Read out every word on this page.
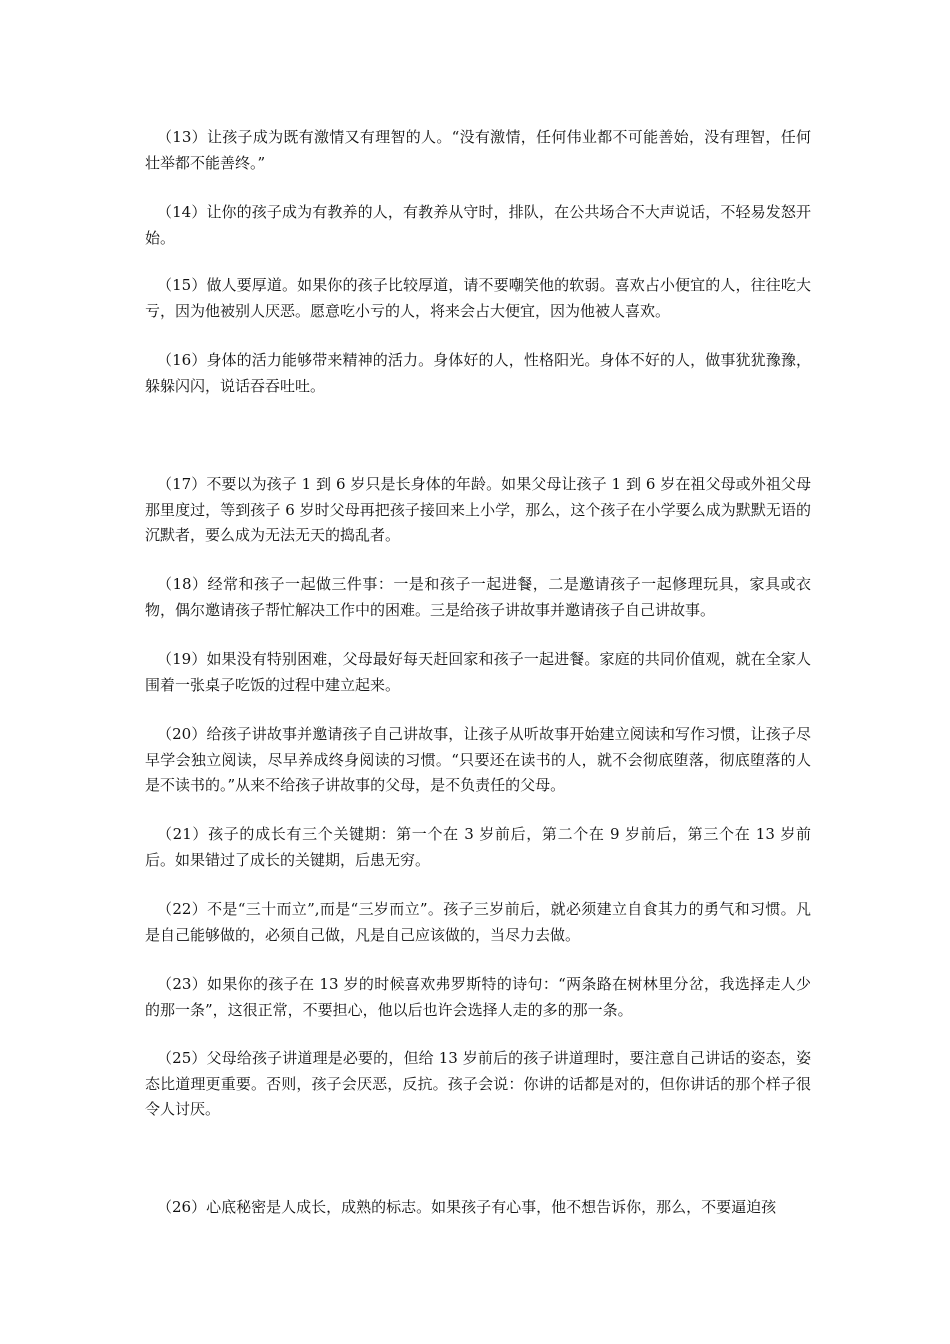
（13）让孩子成为既有激情又有理智的人。“没有激情，任何伟业都不可能善始，没有理智，任何壮举都不能善终。”

（14）让你的孩子成为有教养的人，有教养从守时，排队，在公共场合不大声说话，不轻易发怒开始。

（15）做人要厚道。如果你的孩子比较厚道，请不要嘲笑他的软弱。喜欢占小便宜的人，往往吃大亏，因为他被别人厌恶。愿意吃小亏的人，将来会占大便宜，因为他被人喜欢。

（16）身体的活力能够带来精神的活力。身体好的人，性格阳光。身体不好的人，做事犹犹豫豫，躲躲闪闪，说话吞吞吐吐。

（17）不要以为孩子 1 到 6 岁只是长身体的年龄。如果父母让孩子 1 到 6 岁在祖父母或外祖父母那里度过，等到孩子 6 岁时父母再把孩子接回来上小学，那么，这个孩子在小学要么成为默默无语的沉默者，要么成为无法无天的捣乱者。

（18）经常和孩子一起做三件事：一是和孩子一起进餐，二是邀请孩子一起修理玩具，家具或衣物，偶尔邀请孩子帮忙解决工作中的困难。三是给孩子讲故事并邀请孩子自己讲故事。

（19）如果没有特别困难，父母最好每天赶回家和孩子一起进餐。家庭的共同价值观，就在全家人围着一张桌子吃饭的过程中建立起来。

（20）给孩子讲故事并邀请孩子自己讲故事，让孩子从听故事开始建立阅读和写作习惯，让孩子尽早学会独立阅读，尽早养成终身阅读的习惯。“只要还在读书的人，就不会彻底堕落，彻底堕落的人是不读书的。”从来不给孩子讲故事的父母，是不负责任的父母。

（21）孩子的成长有三个关键期：第一个在 3 岁前后，第二个在 9 岁前后，第三个在 13 岁前后。如果错过了成长的关键期，后患无穷。

（22）不是“三十而立”,而是“三岁而立”。孩子三岁前后，就必须建立自食其力的勇气和习惯。凡是自己能够做的，必须自己做，凡是自己应该做的，当尽力去做。

（23）如果你的孩子在 13 岁的时候喜欢弗罗斯特的诗句：“两条路在树林里分岔，我选择走人少的那一条”，这很正常，不要担心，他以后也许会选择人走的多的那一条。

（25）父母给孩子讲道理是必要的，但给 13 岁前后的孩子讲道理时，要注意自己讲话的姿态，姿态比道理更重要。否则，孩子会厌恶，反抗。孩子会说：你讲的话都是对的，但你讲话的那个样子很令人讨厌。

（26）心底秘密是人成长，成熟的标志。如果孩子有心事，他不想告诉你，那么，不要逼迫孩
